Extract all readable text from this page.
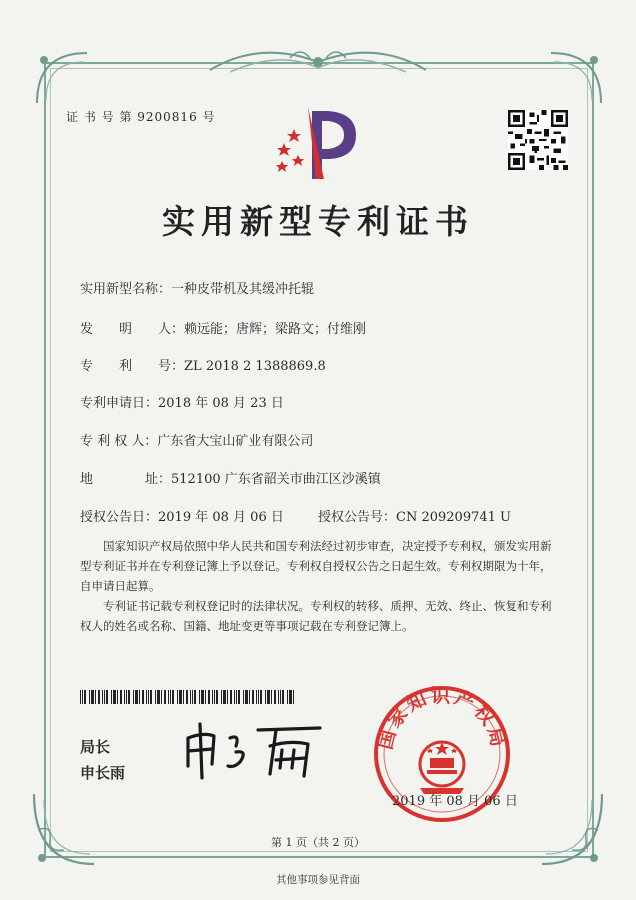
证 书 号 第 9200816 号
实用新型专利证书
实用新型名称：一种皮带机及其缓冲托辊
发　　明　　人：赖远能；唐辉；梁路文；付维刚
专　　利　　号：ZL 2018 2 1388869.8
专利申请日：2018 年 08 月 23 日
专 利 权 人：广东省大宝山矿业有限公司
地　　　　址：512100 广东省韶关市曲江区沙溪镇
授权公告日：2019 年 08 月 06 日	授权公告号：CN 209209741 U
国家知识产权局依照中华人民共和国专利法经过初步审查，决定授予专利权，颁发实用新型专利证书并在专利登记簿上予以登记。专利权自授权公告之日起生效。专利权期限为十年，自申请日起算。
专利证书记载专利权登记时的法律状况。专利权的转移、质押、无效、终止、恢复和专利权人的姓名或名称、国籍、地址变更等事项记载在专利登记簿上。
局长
申长雨
国家知识产权局
2019 年 08 月 06 日
第 1 页（共 2 页）
其他事项参见背面
